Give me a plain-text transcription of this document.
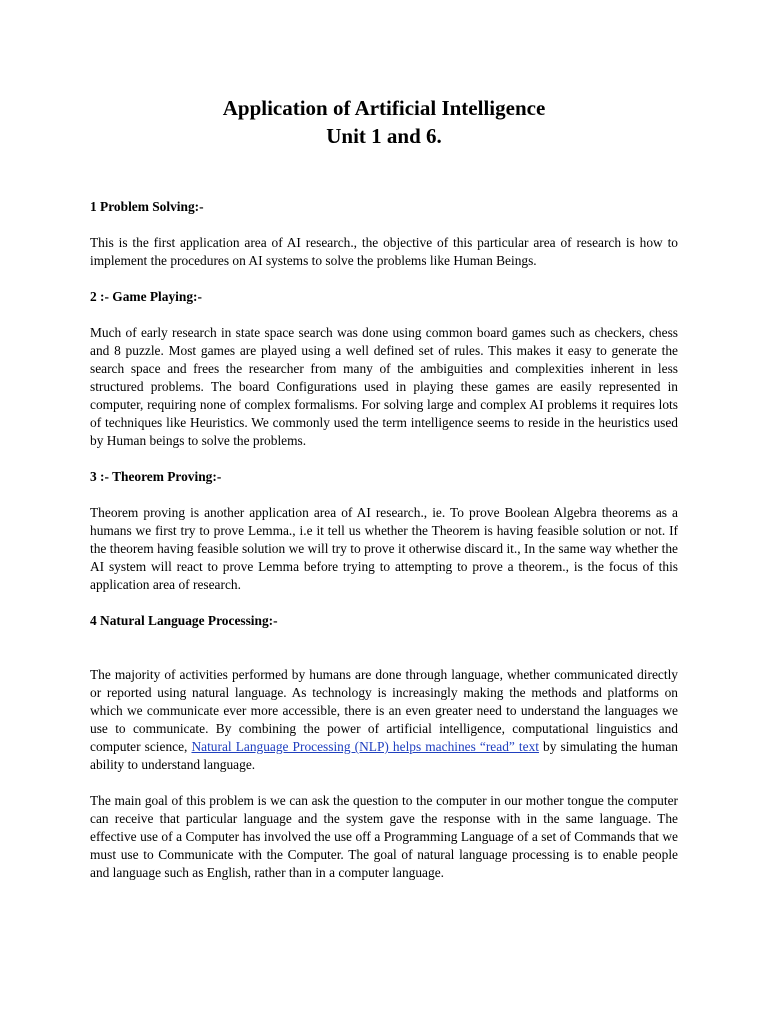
Application of Artificial Intelligence
Unit 1 and 6.
1 Problem Solving:-

This is the first application area of AI research., the objective of this particular area of research is how to implement the procedures on AI systems to solve the problems like Human Beings.

2 :- Game Playing:-

Much of early research in state space search was done using common board games such as checkers, chess and 8 puzzle. Most games are played using a well defined set of rules. This makes it easy to generate the search space and frees the researcher from many of the ambiguities and complexities inherent in less structured problems. The board Configurations used in playing these games are easily represented in computer, requiring none of complex formalisms. For solving large and complex AI problems it requires lots of techniques like Heuristics. We commonly used the term intelligence seems to reside in the heuristics used by Human beings to solve the problems.

3 :- Theorem Proving:-

Theorem proving is another application area of AI research., ie. To prove Boolean Algebra theorems as a humans we first try to prove Lemma., i.e it tell us whether the Theorem is having feasible solution or not. If the theorem having feasible solution we will try to prove it otherwise discard it., In the same way whether the AI system will react to prove Lemma before trying to attempting to prove a theorem., is the focus of this application area of research.

4 Natural Language Processing:-

The majority of activities performed by humans are done through language, whether communicated directly or reported using natural language. As technology is increasingly making the methods and platforms on which we communicate ever more accessible, there is an even greater need to understand the languages we use to communicate. By combining the power of artificial intelligence, computational linguistics and computer science, Natural Language Processing (NLP) helps machines “read” text by simulating the human ability to understand language.

The main goal of this problem is we can ask the question to the computer in our mother tongue the computer can receive that particular language and the system gave the response with in the same language. The effective use of a Computer has involved the use off a Programming Language of a set of Commands that we must use to Communicate with the Computer. The goal of natural language processing is to enable people and language such as English, rather than in a computer language.
